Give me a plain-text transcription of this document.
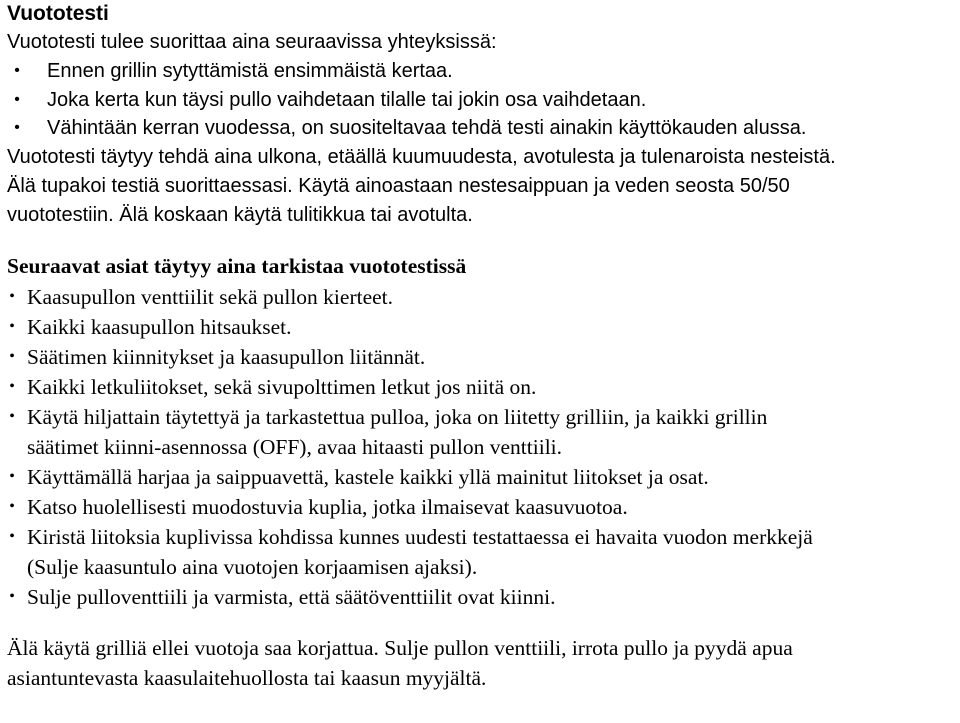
Vuototesti
Vuototesti tulee suorittaa aina seuraavissa yhteyksissä:
•	Ennen grillin sytyttämistä ensimmäistä kertaa.
•	Joka kerta kun täysi pullo vaihdetaan tilalle tai jokin osa vaihdetaan.
•	Vähintään kerran vuodessa, on suositeltavaa tehdä testi ainakin käyttökauden alussa.
Vuototesti täytyy tehdä aina ulkona, etäällä kuumuudesta, avotulesta ja tulenaroista nesteistä.
Älä tupakoi testiä suorittaessasi. Käytä ainoastaan nestesaippuan ja veden seosta 50/50
vuototestiin. Älä koskaan käytä tulitikkua tai avotulta.
Seuraavat asiat täytyy aina tarkistaa vuototestissä
• Kaasupullon venttiilit sekä pullon kierteet.
• Kaikki kaasupullon hitsaukset.
• Säätimen kiinnitykset ja kaasupullon liitännät.
• Kaikki letkuliitokset, sekä sivupolttimen letkut jos niitä on.
• Käytä hiljattain täytettyä ja tarkastettua pulloa, joka on liitetty grilliin, ja kaikki grillin
säätimet kiinni-asennossa (OFF), avaa hitaasti pullon venttiili.
• Käyttämällä harjaa ja saippuavettä, kastele kaikki yllä mainitut liitokset ja osat.
• Katso huolellisesti muodostuvia kuplia, jotka ilmaisevat kaasuvuotoa.
• Kiristä liitoksia kuplivissa kohdissa kunnes uudesti testattaessa ei havaita vuodon merkkejä
(Sulje kaasuntulo aina vuotojen korjaamisen ajaksi).
• Sulje pulloventtiili ja varmista, että säätöventtiilit ovat kiinni.
Älä käytä grilliä ellei vuotoja saa korjattua. Sulje pullon venttiili, irrota pullo ja pyydä apua
asiantuntevasta kaasulaitehuollosta tai kaasun myyjältä.
